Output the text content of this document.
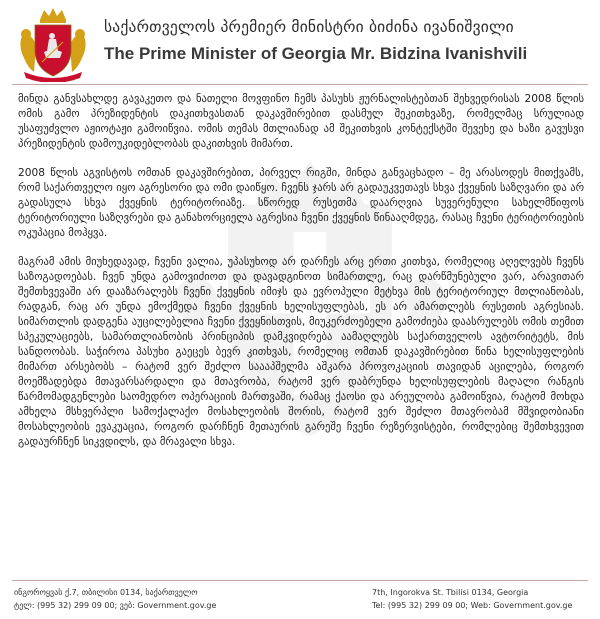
საქართველოს პრემიერ მინისტრი ბიძინა ივანიშვილი
The Prime Minister of Georgia Mr. Bidzina Ivanishvili

მინდა განვსახლდე გავაკეთო და ნათელი მოვფინო ჩემს პასუხს ჟურნალისტებთან შეხვედრისას 2008 წლის ომის გამო პრეზიდენტის დაკითხვასთან დაკავშირებით დასმულ შეკითხვაზე, რომელმაც სრულიად უსაფუძვლო აჟიოტაჟი გამოიწვია. ომის თემას მთლიანად ამ შეკითხვის კონტექსტში შევეხე და ხაზი გავუსვი პრეზიდენტის დამოუკიდებლობას დაკითხვის მიმართ.

2008 წლის აგვისტოს ომთან დაკავშირებით, პირველ რიგში, მინდა განვაცხადო – მე არასოდეს მითქვამს, რომ საქართველო იყო აგრესორი და ომი დაიწყო. ჩვენს ჯარს არ გადაუკვეთავს სხვა ქვეყნის საზღვარი და არ გადასულა სხვა ქვეყნის ტერიტორიაზე. სწორედ რუსეთმა დაარღვია სუვერენული სახელმწიფოს ტერიტორიული საზღვრები და განახორციელა აგრესია ჩვენი ქვეყნის წინააღმდეგ, რასაც ჩვენი ტერიტორიების ოკუპაცია მოჰყვა.

მაგრამ ამის მიუხედავად, ჩვენი ვალია, უპასუხოდ არ დარჩეს არც ერთი კითხვა, რომელიც აღელვებს ჩვენს საზოგადოებას. ჩვენ უნდა გამოვიძიოთ და დავადგინოთ სიმართლე, რაც დარწმუნებული ვარ, არავითარ შემთხვევაში არ დააზარალებს ჩვენი ქვეყნის იმიჯს და ევროპული მეტხვა მის ტერიტორიულ მთლიანობას, რადგან, რაც არ უნდა ემოქმედა ჩვენი ქვეყნის ხელისუფლებას, ეს არ ამართლებს რუსეთის აგრესიას. სიმართლის დადგენა აუცილებელია ჩვენი ქვეყნისთვის, მიუკერძოებელი გამოძიება დაასრულებს ომის თემით სპეკულაციებს, სამართლიანობის პრინციპის დამკვიდრება აამაღლებს საქართველოს ავტორიტეტს, მის სანდოობას. საჭიროა პასუხი გაეცეს ბევრ კითხვას, რომელიც ომთან დაკავშირებით წინა ხელისუფლების მიმართ არსებობს – რატომ ვერ შეძლო საააპშელმა აშკარა პროვოკაციის თავიდან აცილება, როგორ მოემზადებდა მთავარსარდალი და მთავრობა, რატომ ვერ დაბრუნდა ხელისუფლების მაღალი რანგის წარმომადგენლები საომედრო ოპერაციის მართვაში, რამაც ქაოსი და არეულობა გამოიწვია, რატომ მოხდა ამხელა მსხვერპლი სამოქალაქო მოსახლეობის შორის, რატომ ვერ შეძლო მთავრობამ მშვიდობიანი მოსახლეობის ევაკუაცია, როგორ დარჩნენ მეთაურის გარეშე ჩვენი რეზერვისტები, რომლებიც შემთხვევით გადაურჩნენ სიკვდილს, და მრავალი სხვა.

ინგოროყვას ქ.7, თბილისი 0134, საქართველო
ტელ: (995 32) 299 09 00; ვებ: Government.gov.ge
7th, Ingorokva St. Tbilisi 0134, Georgia
Tel: (995 32) 299 09 00; Web: Government.gov.ge
